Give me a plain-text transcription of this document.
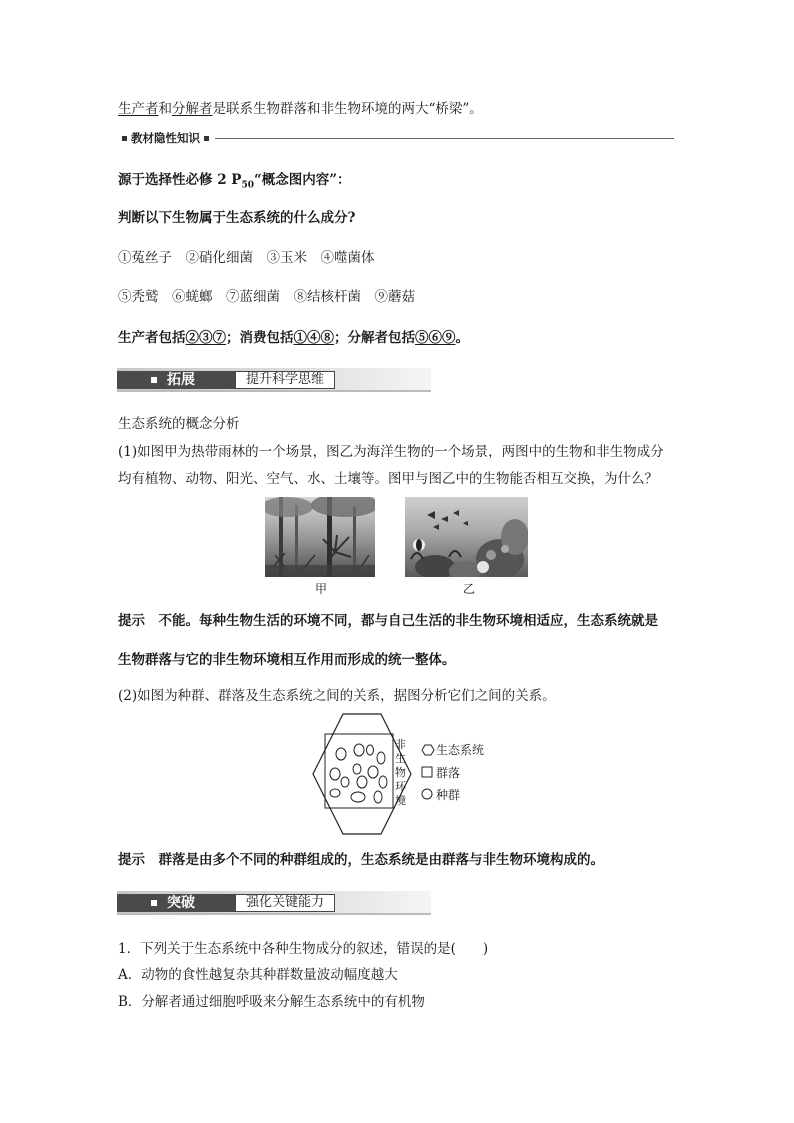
生产者和分解者是联系生物群落和非生物环境的两大“桥梁”。
教材隐性知识
源于选择性必修 2 $P_{50}“$概念图内容”：
判断以下生物属于生态系统的什么成分?
①菟丝子　②硝化细菌　③玉米　④噬菌体
⑤秃鹫　⑥蜣螂　⑦蓝细菌　⑧结核杆菌　⑨蘑菇
生产者包括②③⑦；消费包括①④⑧；分解者包括⑤⑥⑨。
拓展	提升科学思维
生态系统的概念分析
(1)如图甲为热带雨林的一个场景，图乙为海洋生物的一个场景，两图中的生物和非生物成分
均有植物、动物、阳光、空气、水、土壤等。图甲与图乙中的生物能否相互交换，为什么？
甲	乙
提示　不能。每种生物生活的环境不同，都与自己生活的非生物环境相适应，生态系统就是
生物群落与它的非生物环境相互作用而形成的统一整体。
(2)如图为种群、群落及生态系统之间的关系，据图分析它们之间的关系。
非
生
物
环
境
生态系统
群落
种群
提示　群落是由多个不同的种群组成的，生态系统是由群落与非生物环境构成的。
突破	强化关键能力
1．下列关于生态系统中各种生物成分的叙述，错误的是(　　)
A．动物的食性越复杂其种群数量波动幅度越大
B．分解者通过细胞呼吸来分解生态系统中的有机物
